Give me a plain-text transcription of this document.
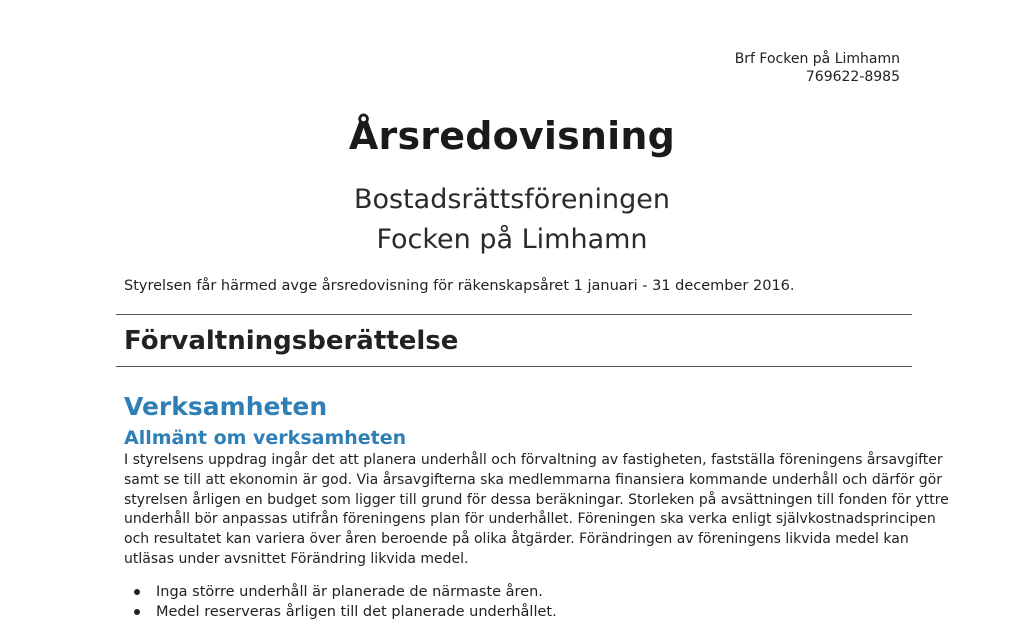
Brf Focken på Limhamn
769622-8985
Årsredovisning

Bostadsrättsföreningen

Focken på Limhamn

Styrelsen får härmed avge årsredovisning för räkenskapsåret 1 januari - 31 december 2016.

Förvaltningsberättelse
Verksamheten
Allmänt om verksamheten

I styrelsens uppdrag ingår det att planera underhåll och förvaltning av fastigheten, fastställa föreningens årsavgifter
samt se till att ekonomin är god. Via årsavgifterna ska medlemmarna finansiera kommande underhåll och därför gör
styrelsen årligen en budget som ligger till grund för dessa beräkningar. Storleken på avsättningen till fonden för yttre
underhåll bör anpassas utifrån föreningens plan för underhållet. Föreningen ska verka enligt självkostnadsprincipen
och resultatet kan variera över åren beroende på olika åtgärder. Förändringen av föreningens likvida medel kan
utläsas under avsnittet Förändring likvida medel.

Inga större underhåll är planerade de närmaste åren.
Medel reserveras årligen till det planerade underhållet.
